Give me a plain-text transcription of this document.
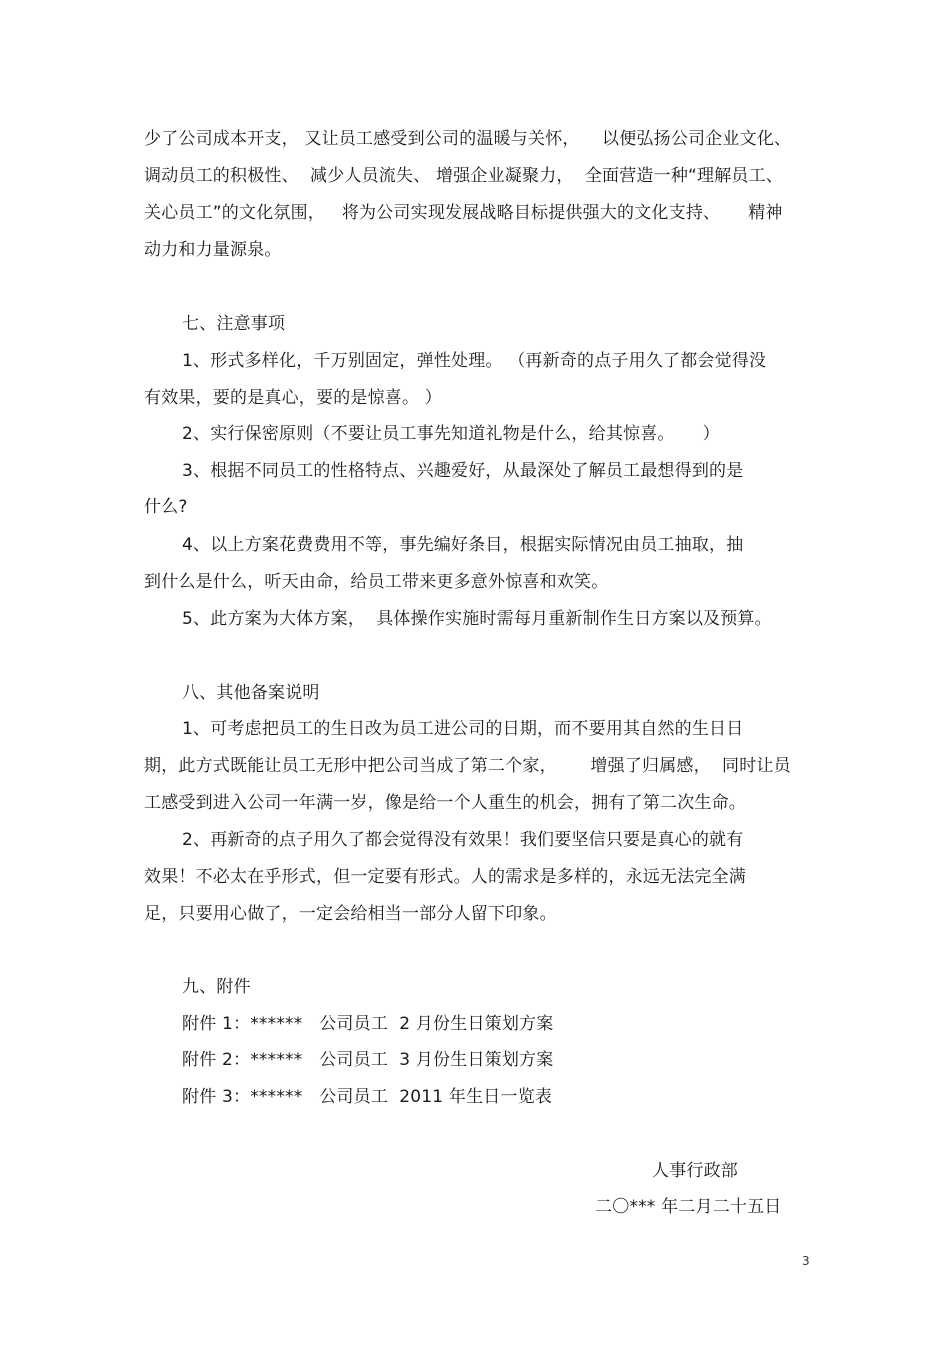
少了公司成本开支， 又让员工感受到公司的温暖与关怀，    以便弘扬公司企业文化、
调动员工的积极性、  减少人员流失、 增强企业凝聚力，  全面营造一种“理解员工、
关心员工”的文化氛围，   将为公司实现发展战略目标提供强大的文化支持、     精神
动力和力量源泉。
七、注意事项
1、形式多样化，千万别固定，弹性处理。 （再新奇的点子用久了都会觉得没
有效果，要的是真心，要的是惊喜。 ）
2、实行保密原则（不要让员工事先知道礼物是什么，给其惊喜。     ）
3、根据不同员工的性格特点、兴趣爱好，从最深处了解员工最想得到的是
什么?
4、以上方案花费费用不等，事先编好条目，根据实际情况由员工抽取，抽
到什么是什么，听天由命，给员工带来更多意外惊喜和欢笑。
5、此方案为大体方案，  具体操作实施时需每月重新制作生日方案以及预算。
八、其他备案说明
1、可考虑把员工的生日改为员工进公司的日期，而不要用其自然的生日日
期，此方式既能让员工无形中把公司当成了第二个家，      增强了归属感，  同时让员
工感受到进入公司一年满一岁，像是给一个人重生的机会，拥有了第二次生命。
2、再新奇的点子用久了都会觉得没有效果！我们要坚信只要是真心的就有
效果！不必太在乎形式，但一定要有形式。人的需求是多样的，永远无法完全满
足，只要用心做了，一定会给相当一部分人留下印象。
九、附件
附件 1：******   公司员工  2 月份生日策划方案
附件 2：******   公司员工  3 月份生日策划方案
附件 3：******   公司员工  2011 年生日一览表
人事行政部
二〇*** 年二月二十五日
3
